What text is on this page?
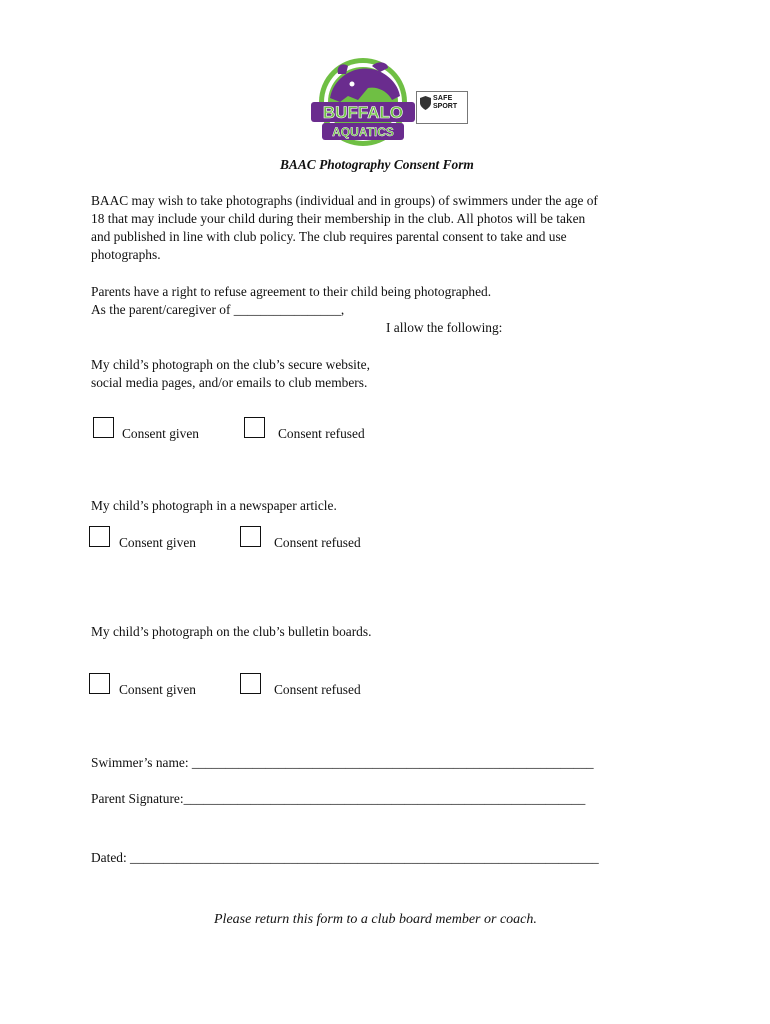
BUFFALO
AQUATICS
SAFE
SPORT
BAAC Photography Consent Form
BAAC may wish to take photographs (individual and in groups) of swimmers under the age of
18 that may include your child during their membership in the club. All photos will be taken
and published in line with club policy. The club requires parental consent to take and use
photographs.
Parents have a right to refuse agreement to their child being photographed.
As the parent/caregiver of ________________,
I allow the following:
My child’s photograph on the club’s secure website,
social media pages, and/or emails to club members.
Consent given	Consent refused
My child’s photograph in a newspaper article.
Consent given	Consent refused
My child’s photograph on the club’s bulletin boards.
Consent given	Consent refused
Swimmer’s name: ____________________________________________________________
Parent Signature:____________________________________________________________
Dated: ______________________________________________________________________
Please return this form to a club board member or coach.
